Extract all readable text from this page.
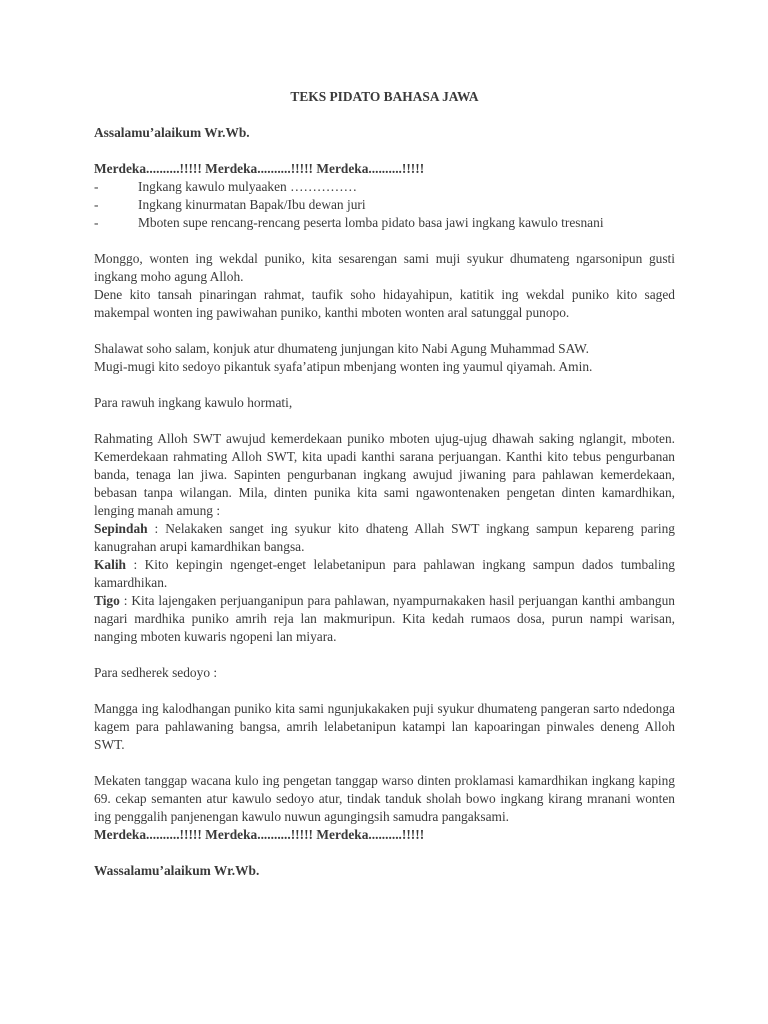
TEKS PIDATO BAHASA JAWA

Assalamu’alaikum Wr.Wb.

Merdeka..........!!!!! Merdeka..........!!!!! Merdeka..........!!!!!

-	Ingkang kawulo mulyaaken ……………
-	Ingkang kinurmatan Bapak/Ibu dewan juri
-	Mboten supe rencang-rencang peserta lomba pidato basa jawi ingkang kawulo tresnani

Monggo, wonten ing wekdal puniko, kita sesarengan sami muji syukur dhumateng ngarsonipun gusti ingkang moho agung Alloh.

Dene kito tansah pinaringan rahmat, taufik soho hidayahipun, katitik ing wekdal puniko kito saged makempal wonten ing pawiwahan puniko, kanthi mboten wonten aral satunggal punopo.

Shalawat soho salam, konjuk atur dhumateng junjungan kito Nabi Agung Muhammad SAW.

Mugi-mugi kito sedoyo pikantuk syafa’atipun mbenjang wonten ing yaumul qiyamah. Amin.

Para rawuh ingkang kawulo hormati,

Rahmating Alloh SWT awujud kemerdekaan puniko mboten ujug-ujug dhawah saking nglangit, mboten. Kemerdekaan rahmating Alloh SWT, kita upadi kanthi sarana perjuangan. Kanthi kito tebus pengurbanan banda, tenaga lan jiwa. Sapinten pengurbanan ingkang awujud jiwaning para pahlawan kemerdekaan, bebasan tanpa wilangan. Mila, dinten punika kita sami ngawontenaken pengetan dinten kamardhikan, lenging manah amung :

Sepindah : Nelakaken sanget ing syukur kito dhateng Allah SWT ingkang sampun kepareng paring kanugrahan arupi kamardhikan bangsa.

Kalih : Kito kepingin ngenget-enget lelabetanipun para pahlawan ingkang sampun dados tumbaling kamardhikan.

Tigo : Kita lajengaken perjuanganipun para pahlawan, nyampurnakaken hasil perjuangan kanthi ambangun nagari mardhika puniko amrih reja lan makmuripun. Kita kedah rumaos dosa, purun nampi warisan, nanging mboten kuwaris ngopeni lan miyara.

Para sedherek sedoyo :

Mangga ing kalodhangan puniko kita sami ngunjukakaken puji syukur dhumateng pangeran sarto ndedonga kagem para pahlawaning bangsa, amrih lelabetanipun katampi lan kapoaringan pinwales deneng Alloh SWT.

Mekaten tanggap wacana kulo ing pengetan tanggap warso dinten proklamasi kamardhikan ingkang kaping 69. cekap semanten atur kawulo sedoyo atur, tindak tanduk sholah bowo ingkang kirang mranani wonten ing penggalih panjenengan kawulo nuwun agungingsih samudra pangaksami.

Merdeka..........!!!!! Merdeka..........!!!!! Merdeka..........!!!!!

Wassalamu’alaikum Wr.Wb.
